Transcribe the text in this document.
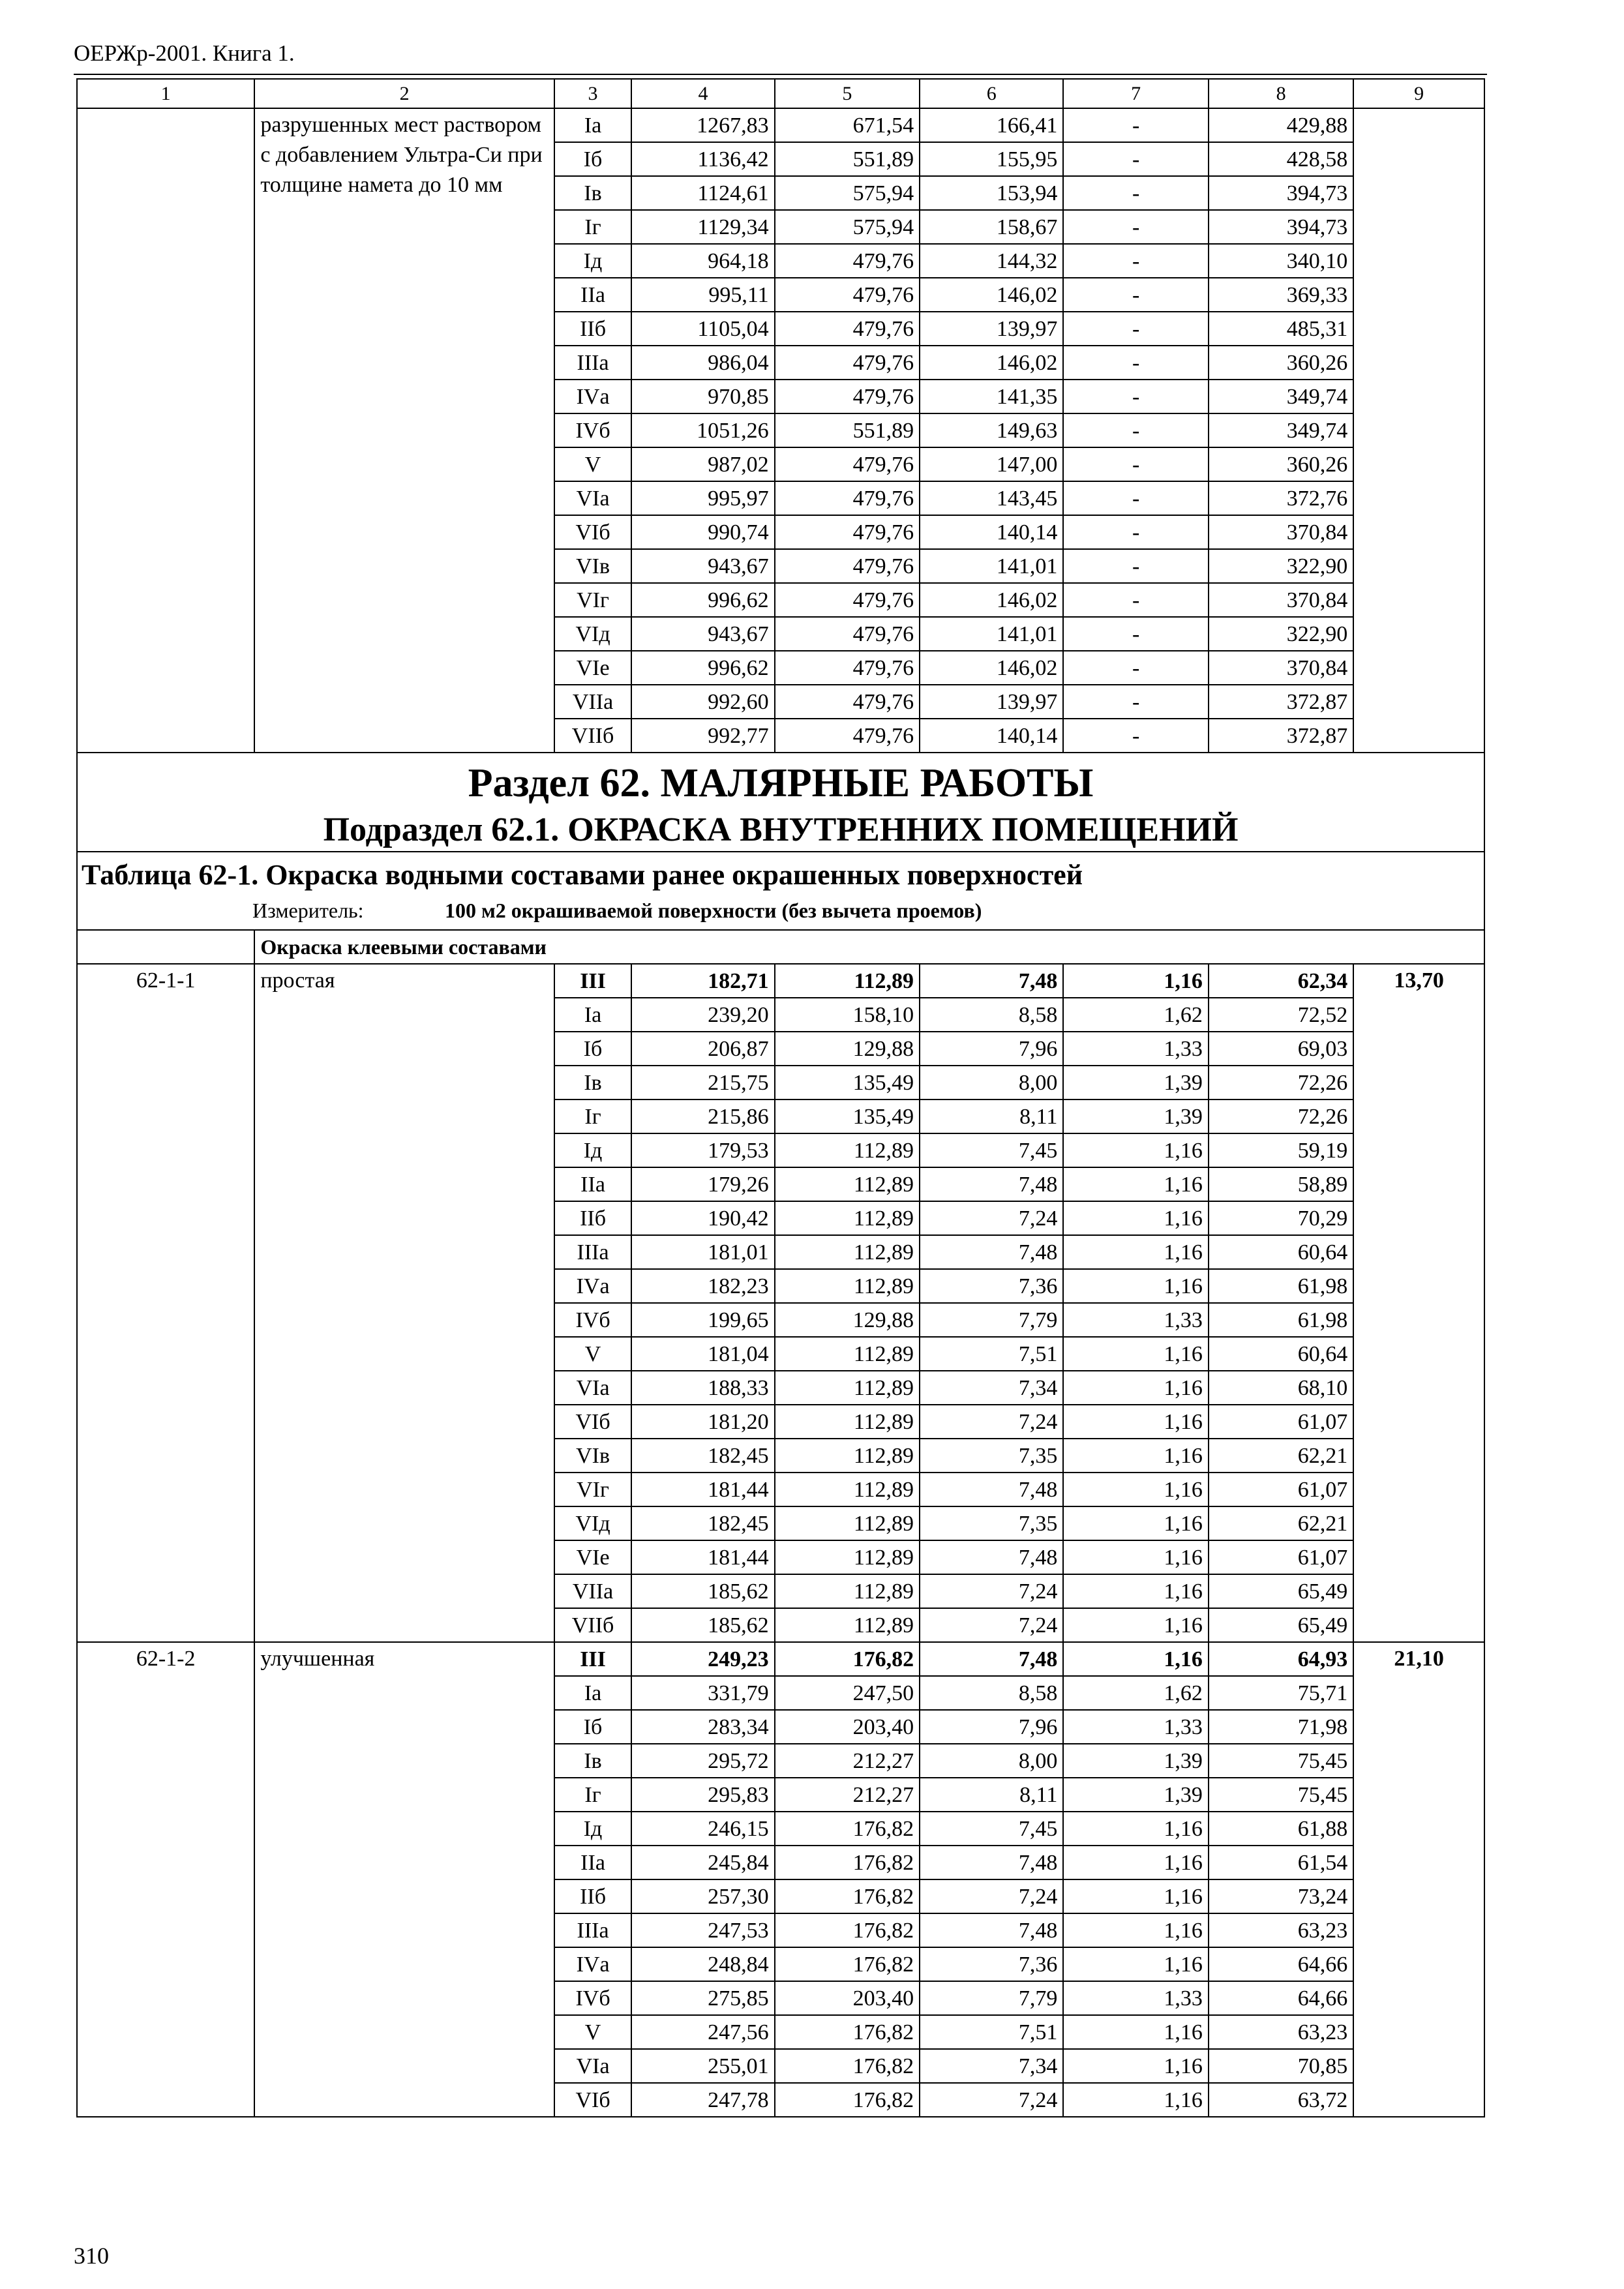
ОЕРЖр-2001. Книга 1.
1	2	3	4	5	6	7	8	9
	разрушенных мест раствором с добавлением Ультра-Си при толщине намета до 10 мм	Iа	1267,83	671,54	166,41	-	429,88	
		Iб	1136,42	551,89	155,95	-	428,58	
		Iв	1124,61	575,94	153,94	-	394,73	
		Iг	1129,34	575,94	158,67	-	394,73	
		Iд	964,18	479,76	144,32	-	340,10	
		IIа	995,11	479,76	146,02	-	369,33	
		IIб	1105,04	479,76	139,97	-	485,31	
		IIIа	986,04	479,76	146,02	-	360,26	
		IVа	970,85	479,76	141,35	-	349,74	
		IVб	1051,26	551,89	149,63	-	349,74	
		V	987,02	479,76	147,00	-	360,26	
		VIа	995,97	479,76	143,45	-	372,76	
		VIб	990,74	479,76	140,14	-	370,84	
		VIв	943,67	479,76	141,01	-	322,90	
		VIг	996,62	479,76	146,02	-	370,84	
		VIд	943,67	479,76	141,01	-	322,90	
		VIе	996,62	479,76	146,02	-	370,84	
		VIIа	992,60	479,76	139,97	-	372,87	
		VIIб	992,77	479,76	140,14	-	372,87	

Раздел 62. МАЛЯРНЫЕ РАБОТЫ
Подраздел 62.1. ОКРАСКА ВНУТРЕННИХ ПОМЕЩЕНИЙ								

Таблица 62-1. Окраска водными составами ранее окрашенных поверхностей
Измеритель: 100 м2 окрашиваемой поверхности (без вычета проемов)								

	Окраска клеевыми составами							
62-1-1	простая	III	182,71	112,89	7,48	1,16	62,34	13,70
		Iа	239,20	158,10	8,58	1,62	72,52	
		Iб	206,87	129,88	7,96	1,33	69,03	
		Iв	215,75	135,49	8,00	1,39	72,26	
		Iг	215,86	135,49	8,11	1,39	72,26	
		Iд	179,53	112,89	7,45	1,16	59,19	
		IIа	179,26	112,89	7,48	1,16	58,89	
		IIб	190,42	112,89	7,24	1,16	70,29	
		IIIа	181,01	112,89	7,48	1,16	60,64	
		IVа	182,23	112,89	7,36	1,16	61,98	
		IVб	199,65	129,88	7,79	1,33	61,98	
		V	181,04	112,89	7,51	1,16	60,64	
		VIа	188,33	112,89	7,34	1,16	68,10	
		VIб	181,20	112,89	7,24	1,16	61,07	
		VIв	182,45	112,89	7,35	1,16	62,21	
		VIг	181,44	112,89	7,48	1,16	61,07	
		VIд	182,45	112,89	7,35	1,16	62,21	
		VIе	181,44	112,89	7,48	1,16	61,07	
		VIIа	185,62	112,89	7,24	1,16	65,49	
		VIIб	185,62	112,89	7,24	1,16	65,49	
62-1-2	улучшенная	III	249,23	176,82	7,48	1,16	64,93	21,10
		Iа	331,79	247,50	8,58	1,62	75,71	
		Iб	283,34	203,40	7,96	1,33	71,98	
		Iв	295,72	212,27	8,00	1,39	75,45	
		Iг	295,83	212,27	8,11	1,39	75,45	
		Iд	246,15	176,82	7,45	1,16	61,88	
		IIа	245,84	176,82	7,48	1,16	61,54	
		IIб	257,30	176,82	7,24	1,16	73,24	
		IIIа	247,53	176,82	7,48	1,16	63,23	
		IVа	248,84	176,82	7,36	1,16	64,66	
		IVб	275,85	203,40	7,79	1,33	64,66	
		V	247,56	176,82	7,51	1,16	63,23	
		VIа	255,01	176,82	7,34	1,16	70,85	
		VIб	247,78	176,82	7,24	1,16	63,72	
310
